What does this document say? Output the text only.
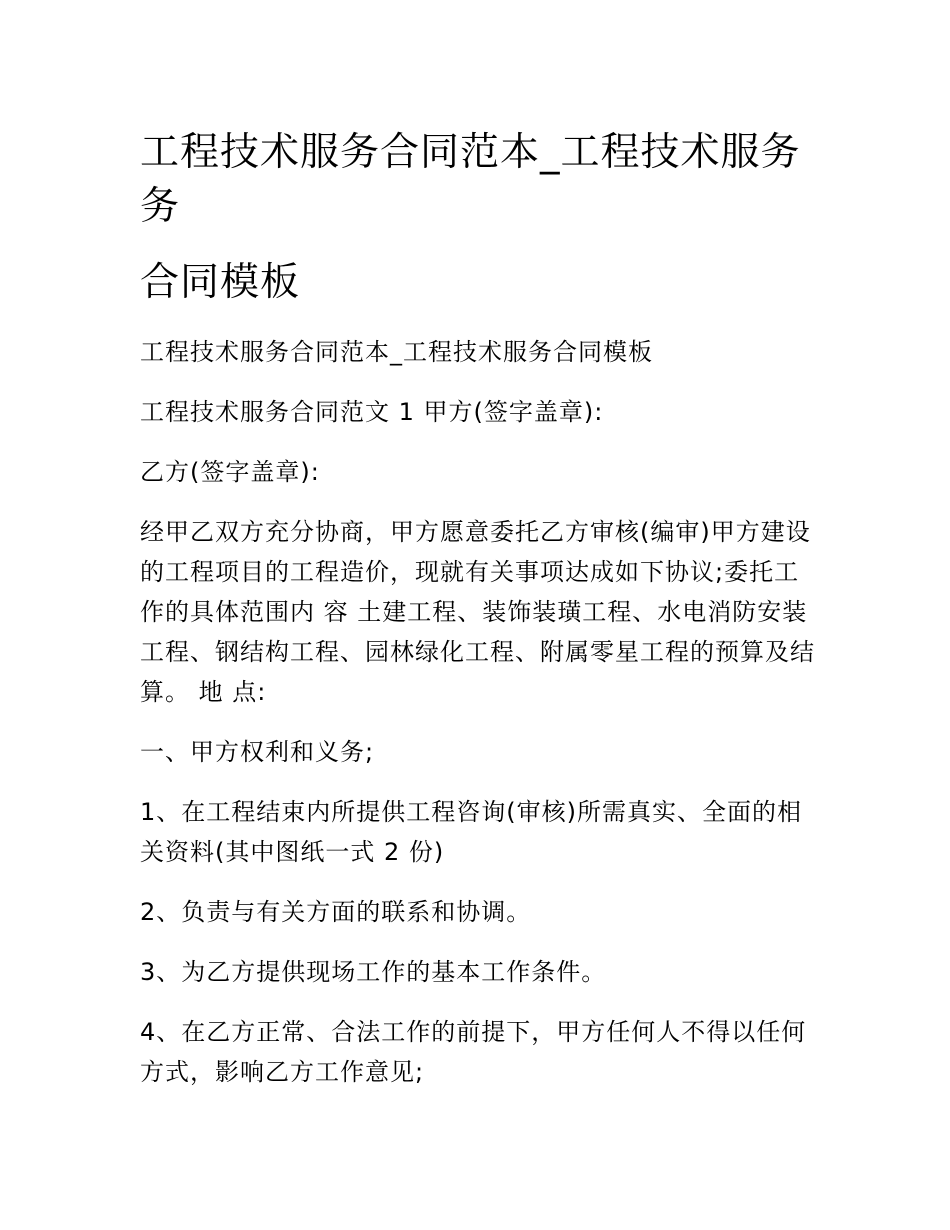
工程技术服务合同范本_工程技术服务
务
合同模板

工程技术服务合同范本_工程技术服务合同模板

工程技术服务合同范文 1 甲方(签字盖章):

乙方(签字盖章):

经甲乙双方充分协商，甲方愿意委托乙方审核(编审)甲方建设的工程项目的工程造价，现就有关事项达成如下协议;委托工作的具体范围内 容 土建工程、装饰装璜工程、水电消防安装工程、钢结构工程、园林绿化工程、附属零星工程的预算及结算。 地 点:

一、甲方权利和义务;

1、在工程结束内所提供工程咨询(审核)所需真实、全面的相关资料(其中图纸一式 2 份)

2、负责与有关方面的联系和协调。

3、为乙方提供现场工作的基本工作条件。

4、在乙方正常、合法工作的前提下，甲方任何人不得以任何方式，影响乙方工作意见;
